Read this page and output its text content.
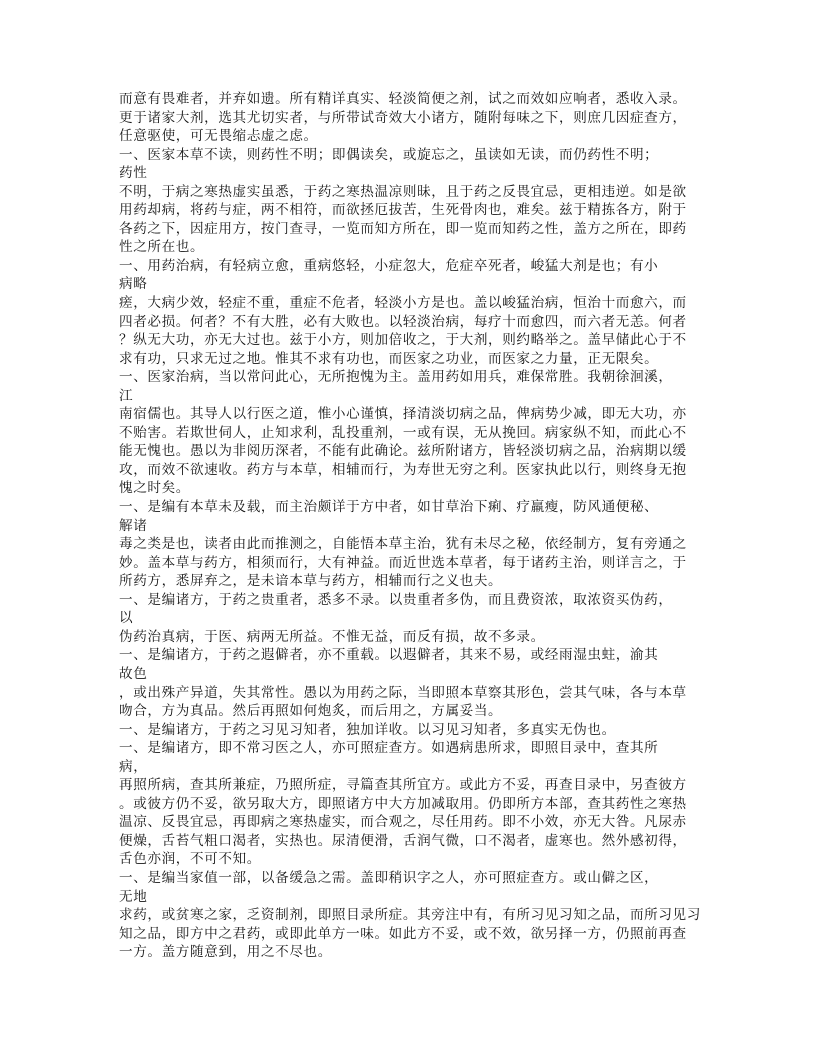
而意有畏难者，并弃如遗。所有精详真实、轻淡简便之剂，试之而效如应响者，悉收入录。
更于诸家大剂，选其尤切实者，与所带试奇效大小诸方，随附每味之下，则庶几因症查方，
任意驱使，可无畏缩忐虚之虑。
一、医家本草不读，则药性不明；即偶读矣，或旋忘之，虽读如无读，而仍药性不明；
药性
不明，于病之寒热虚实虽悉，于药之寒热温凉则昧，且于药之反畏宜忌，更相违逆。如是欲
用药却病，将药与症，两不相符，而欲拯厄拔苦，生死骨肉也，难矣。兹于精拣各方，附于
各药之下，因症用方，按门查寻，一览而知方所在，即一览而知药之性，盖方之所在，即药
性之所在也。
一、用药治病，有轻病立愈，重病悠轻，小症忽大，危症卒死者，峻猛大剂是也；有小
病略
瘥，大病少效，轻症不重，重症不危者，轻淡小方是也。盖以峻猛治病，恒治十而愈六，而
四者必损。何者？不有大胜，必有大败也。以轻淡治病，每疗十而愈四，而六者无恙。何者
？纵无大功，亦无大过也。兹于小方，则加倍收之，于大剂，则约略举之。盖早储此心于不
求有功，只求无过之地。惟其不求有功也，而医家之功业，而医家之力量，正无限矣。
一、医家治病，当以常问此心，无所抱愧为主。盖用药如用兵，难保常胜。我朝徐洄溪，
江
南宿儒也。其导人以行医之道，惟小心谨慎，择清淡切病之品，俾病势少减，即无大功，亦
不贻害。若欺世伺人，止知求利，乱投重剂，一或有误，无从挽回。病家纵不知，而此心不
能无愧也。愚以为非阅历深者，不能有此确论。兹所附诸方，皆轻淡切病之品，治病期以缓
攻，而效不欲速收。药方与本草，相辅而行，为寿世无穷之利。医家执此以行，则终身无抱
愧之时矣。
一、是编有本草未及载，而主治颇详于方中者，如甘草治下痢、疗羸瘦，防风通便秘、
解诸
毒之类是也，读者由此而推测之，自能悟本草主治，犹有未尽之秘，依经制方，复有旁通之
妙。盖本草与药方，相须而行，大有神益。而近世选本草者，每于诸药主治，则详言之，于
所药方，悉屏弃之，是未谙本草与药方，相辅而行之义也夫。
一、是编诸方，于药之贵重者，悉多不录。以贵重者多伪，而且费资浓，取浓资买伪药，
以
伪药治真病，于医、病两无所益。不惟无益，而反有损，故不多录。
一、是编诸方，于药之遐僻者，亦不重载。以遐僻者，其来不易，或经雨湿虫蛀，渝其
故色
，或出殊产异道，失其常性。愚以为用药之际，当即照本草察其形色，尝其气味，各与本草
吻合，方为真品。然后再照如何炮炙，而后用之，方属妥当。
一、是编诸方，于药之习见习知者，独加详收。以习见习知者，多真实无伪也。
一、是编诸方，即不常习医之人，亦可照症查方。如遇病患所求，即照目录中，查其所
病，
再照所病，查其所兼症，乃照所症，寻篇查其所宜方。或此方不妥，再查目录中，另查彼方
。或彼方仍不妥，欲另取大方，即照诸方中大方加减取用。仍即所方本部，查其药性之寒热
温凉、反畏宜忌，再即病之寒热虚实，而合观之，尽任用药。即不小效，亦无大咎。凡尿赤
便燥，舌苔气粗口渴者，实热也。尿清便滑，舌润气微，口不渴者，虚寒也。然外感初得，
舌色亦润，不可不知。
一、是编当家值一部，以备缓急之需。盖即稍识字之人，亦可照症查方。或山僻之区，
无地
求药，或贫寒之家，乏资制剂，即照目录所症。其旁注中有，有所习见习知之品，而所习见习
知之品，即方中之君药，或即此单方一味。如此方不妥，或不效，欲另择一方，仍照前再查
一方。盖方随意到，用之不尽也。
